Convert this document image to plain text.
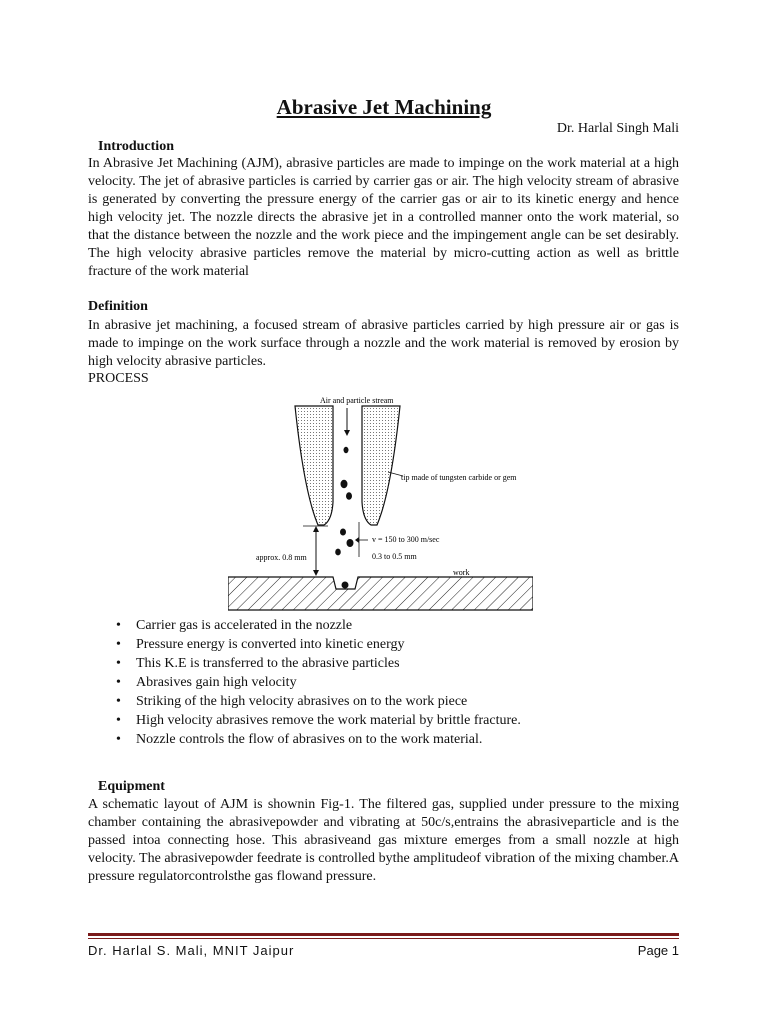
Abrasive Jet Machining
Dr. Harlal Singh Mali
Introduction
In Abrasive Jet Machining (AJM), abrasive particles are made to impinge on the work material at a high velocity. The jet of abrasive particles is carried by carrier gas or air. The high velocity stream of abrasive is generated by converting the pressure energy of the carrier gas or air to its kinetic energy and hence high velocity jet. The nozzle directs the abrasive jet in a controlled manner onto the work material, so that the distance between the nozzle and the work piece and the impingement angle can be set desirably. The high velocity abrasive particles remove the material by micro-cutting action as well as brittle fracture of the work material
Definition
In abrasive jet machining, a focused stream of abrasive particles carried by high pressure air or gas is made to impinge on the work surface through a nozzle and the work material is removed by erosion by high velocity abrasive particles.
PROCESS
Air and particle stream
tip made of tungsten carbide or gem
v = 150 to 300 m/sec
0.3 to 0.5 mm
approx. 0.8 mm
work
• Carrier gas is accelerated in the nozzle
• Pressure energy is converted into kinetic energy
• This K.E is transferred to the abrasive particles
• Abrasives gain high velocity
• Striking of the high velocity abrasives on to the work piece
• High velocity abrasives remove the work material by brittle fracture.
• Nozzle controls the flow of abrasives on to the work material.
Equipment
A schematic layout of AJM is shownin Fig-1. The filtered gas, supplied under pressure to the mixing chamber containing the abrasivepowder and vibrating at 50c/s,entrains the abrasiveparticle and is the passed intoa connecting hose. This abrasiveand gas mixture emerges from a small nozzle at high velocity. The abrasivepowder feedrate is controlled bythe amplitudeof vibration of the mixing chamber.A pressure regulatorcontrolsthe gas flowand pressure.
Dr. Harlal S. Mali, MNIT Jaipur	Page 1
